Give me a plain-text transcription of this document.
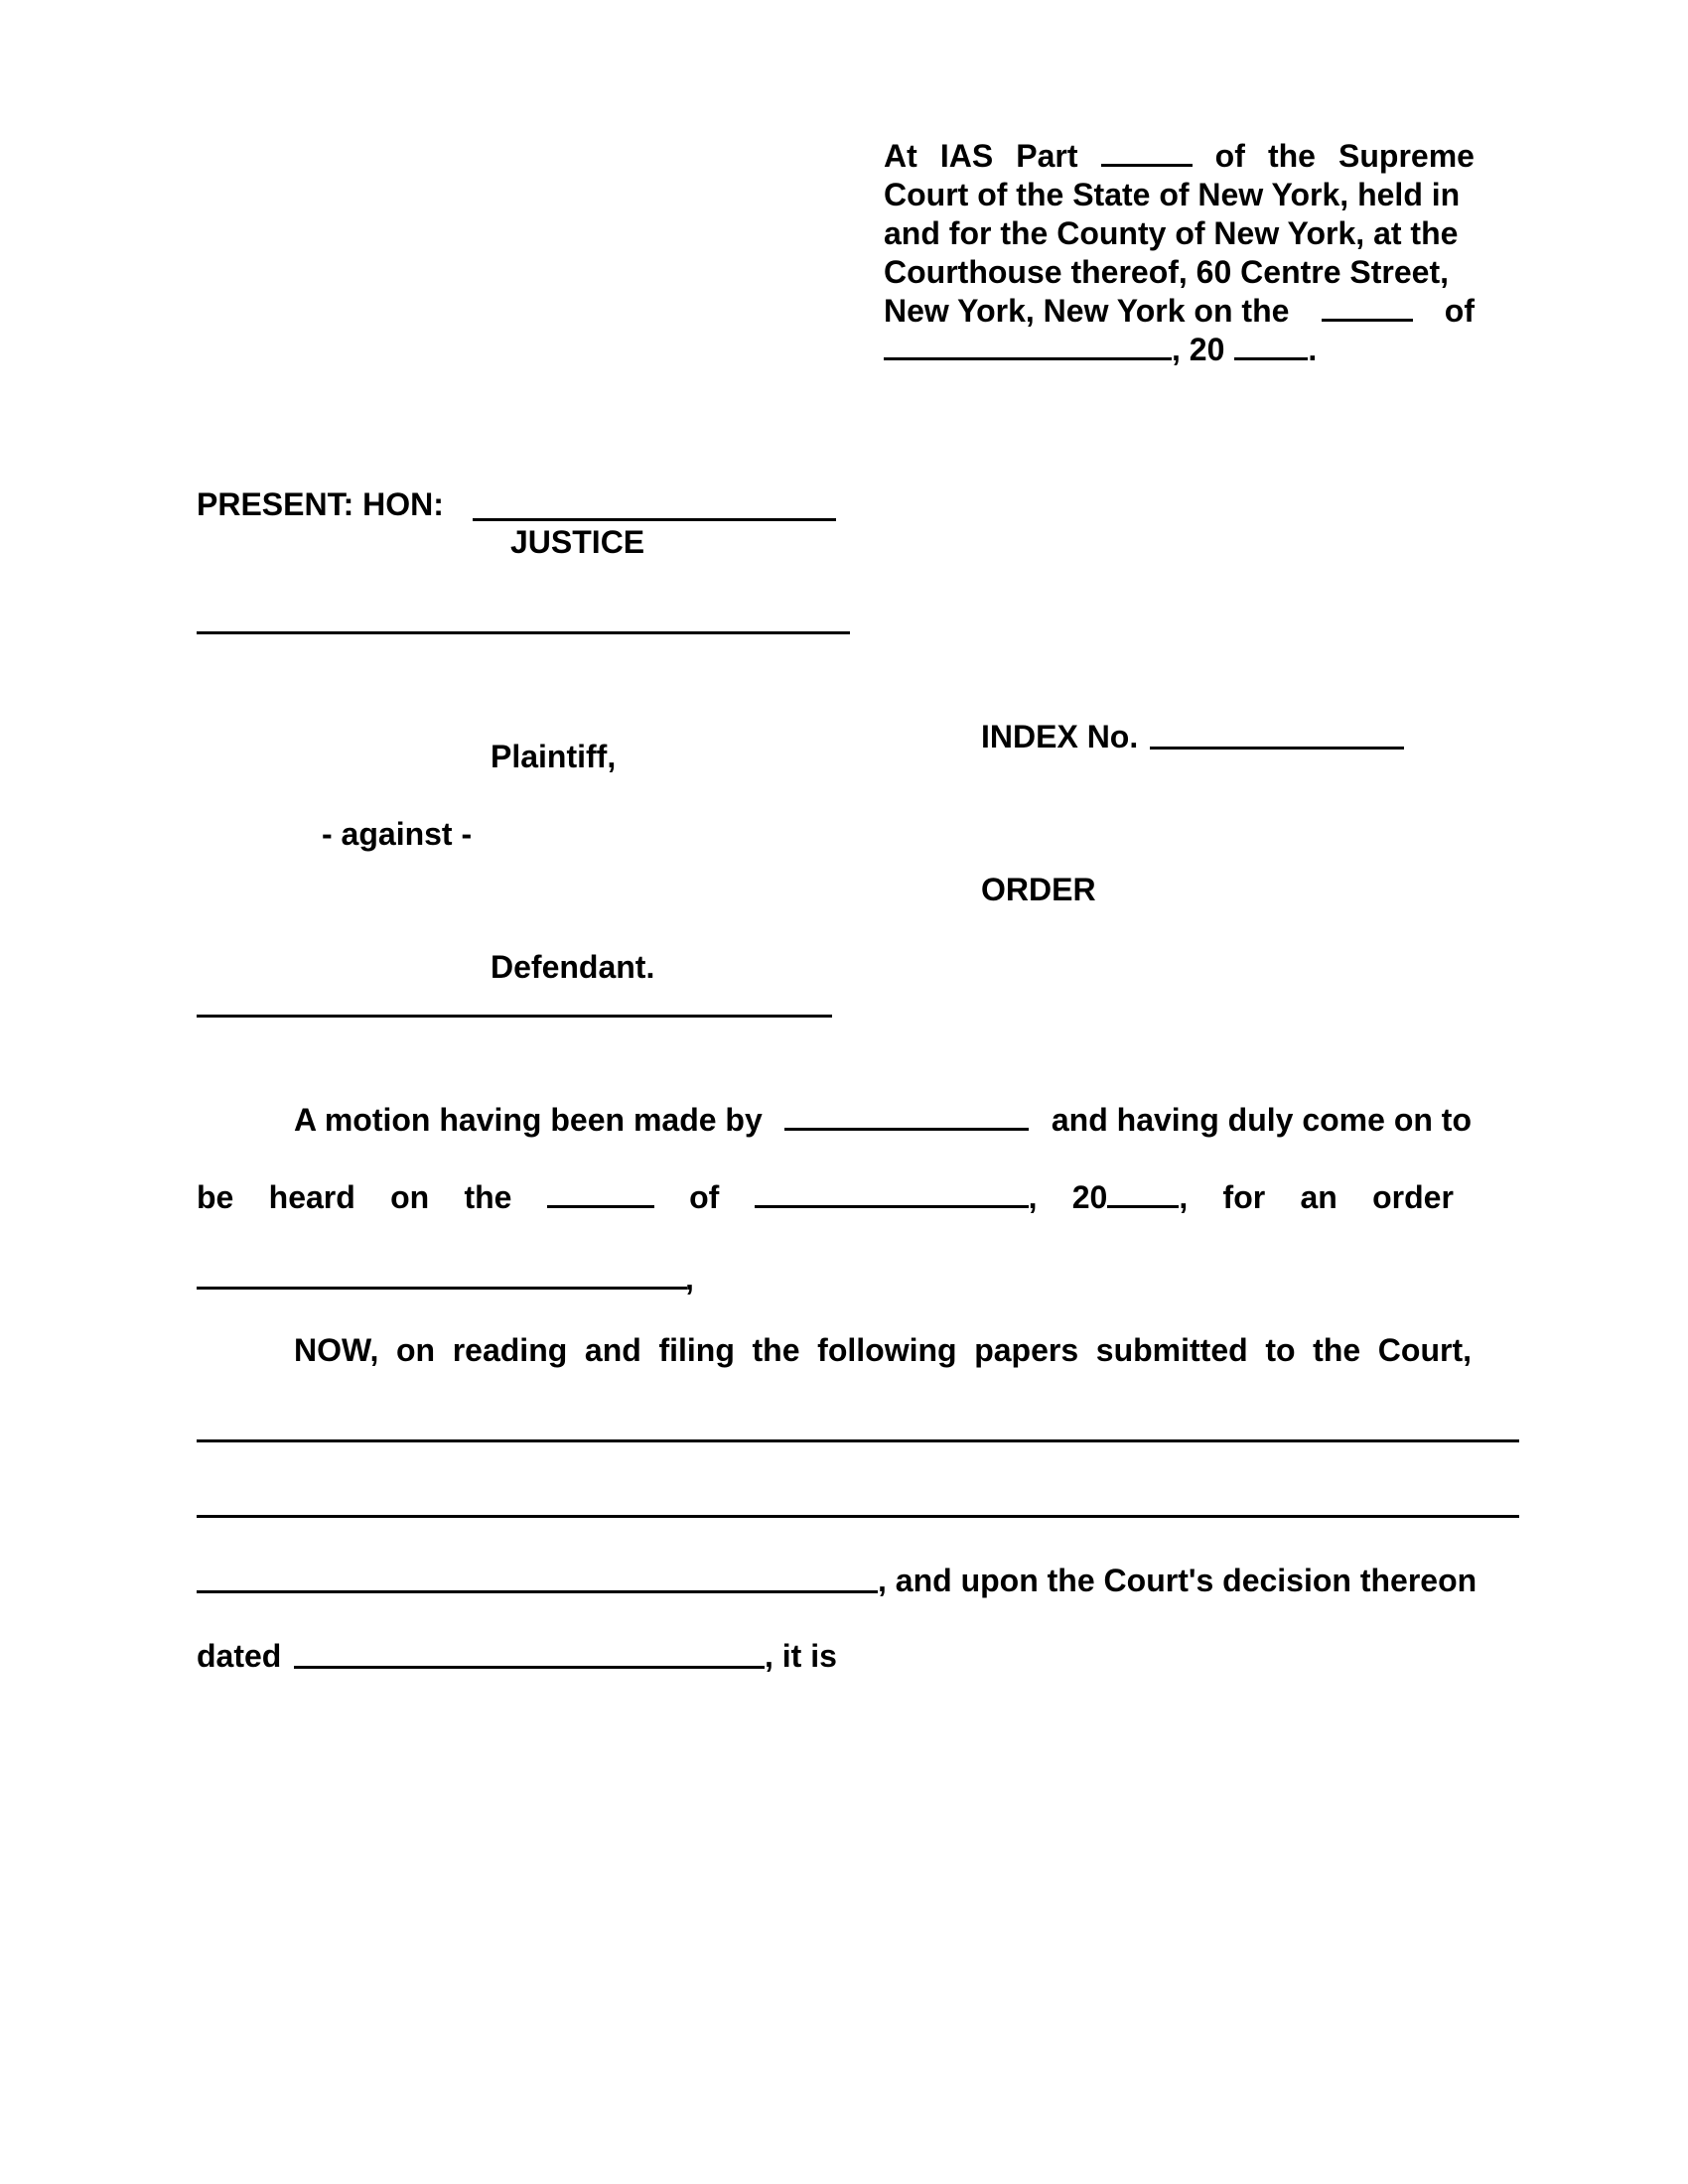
At IAS Part	of the Supreme
Court of the State of New York, held in
and for the County of New York, at the
Courthouse thereof, 60 Centre Street,
New York, New York on the	of
, 20	.
PRESENT: HON:
JUSTICE
Plaintiff,
- against -
Defendant.
INDEX No.
ORDER
A motion having been made by	and having duly come on to
be heard on the	of	, 20 , for an order
,
NOW, on reading and filing the following papers submitted to the Court,
, and upon the Court's decision thereon
dated	, it is
